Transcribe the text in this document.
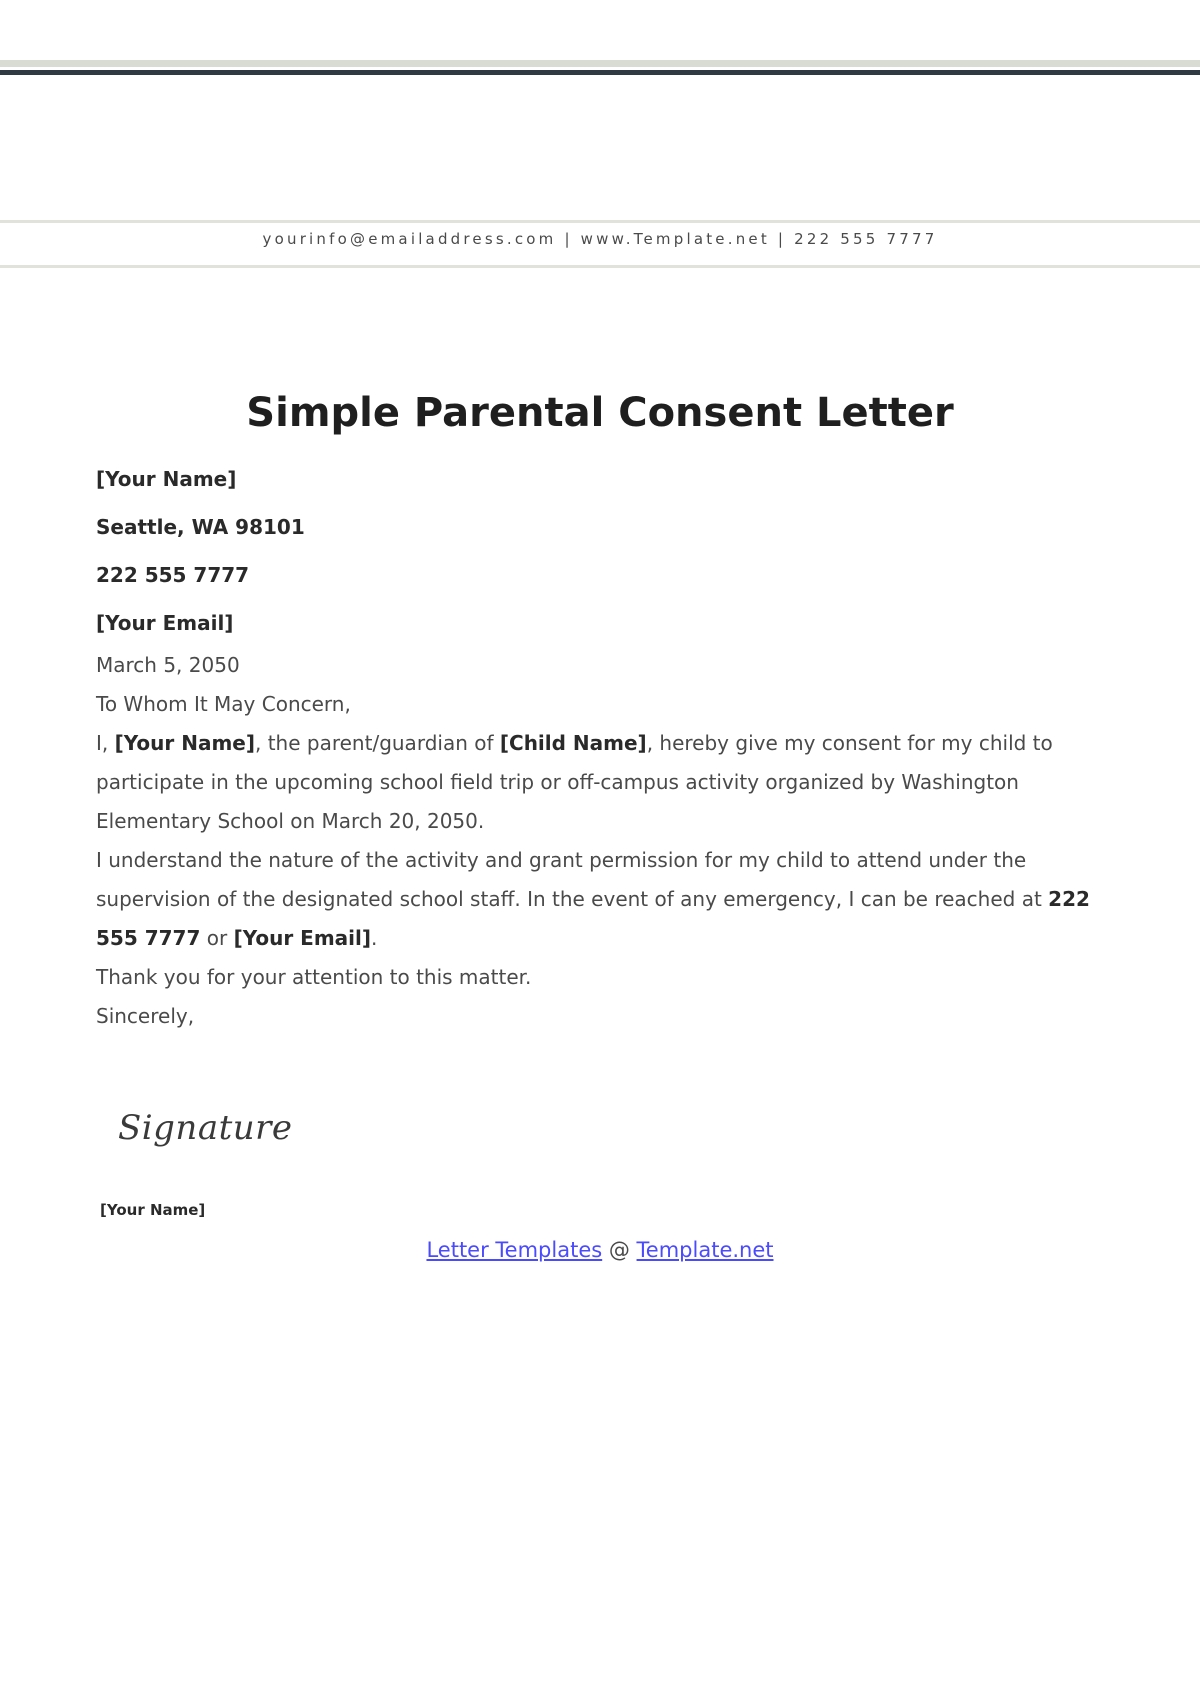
yourinfo@emailaddress.com | www.Template.net | 222 555 7777
Simple Parental Consent Letter
[Your Name]
Seattle, WA 98101
222 555 7777
[Your Email]
March 5, 2050
To Whom It May Concern,
I, [Your Name], the parent/guardian of [Child Name], hereby give my consent for my child to participate in the upcoming school field trip or off-campus activity organized by Washington Elementary School on March 20, 2050.
I understand the nature of the activity and grant permission for my child to attend under the supervision of the designated school staff. In the event of any emergency, I can be reached at 222 555 7777 or [Your Email].
Thank you for your attention to this matter.
Sincerely,
Signature
[Your Name]
Letter Templates @ Template.net
